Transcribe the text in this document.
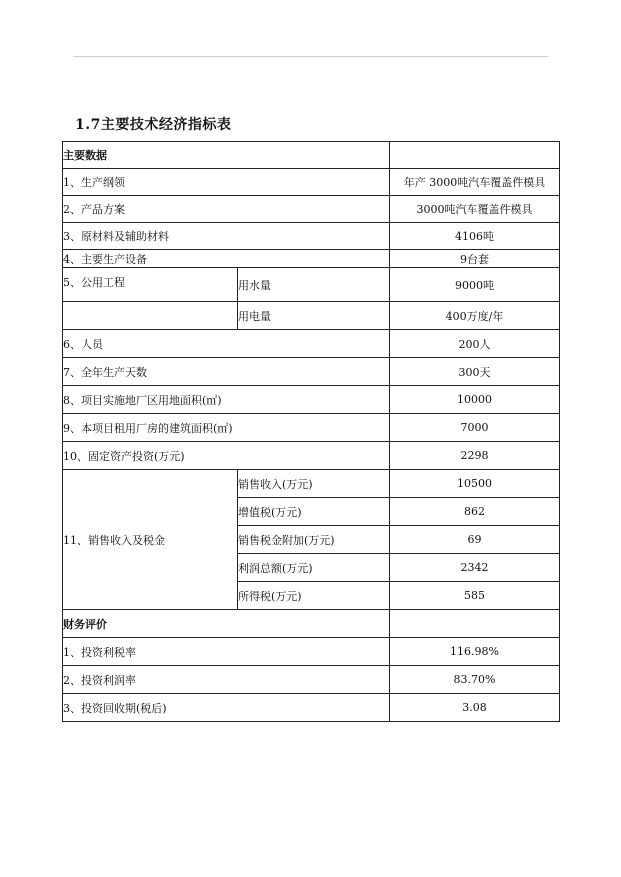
1.7主要技术经济指标表
主要数据		
1、生产纲领		年产 3000吨汽车覆盖件模具
2、产品方案		3000吨汽车覆盖件模具
3、原材料及辅助材料		4106吨
4、主要生产设备		9台套
5、公用工程	用水量	9000吨
	用电量	400万度/年
6、人员		200人
7、全年生产天数		300天
8、项目实施地厂区用地面积(㎡)		10000
9、本项目租用厂房的建筑面积(㎡)		7000
10、固定资产投资(万元)		2298
11、销售收入及税金	销售收入(万元)	10500
	增值税(万元)	862
	销售税金附加(万元)	69
	利润总额(万元)	2342
	所得税(万元)	585
财务评价		
1、投资利税率		116.98%
2、投资利润率		83.70%
3、投资回收期(税后)		3.08
